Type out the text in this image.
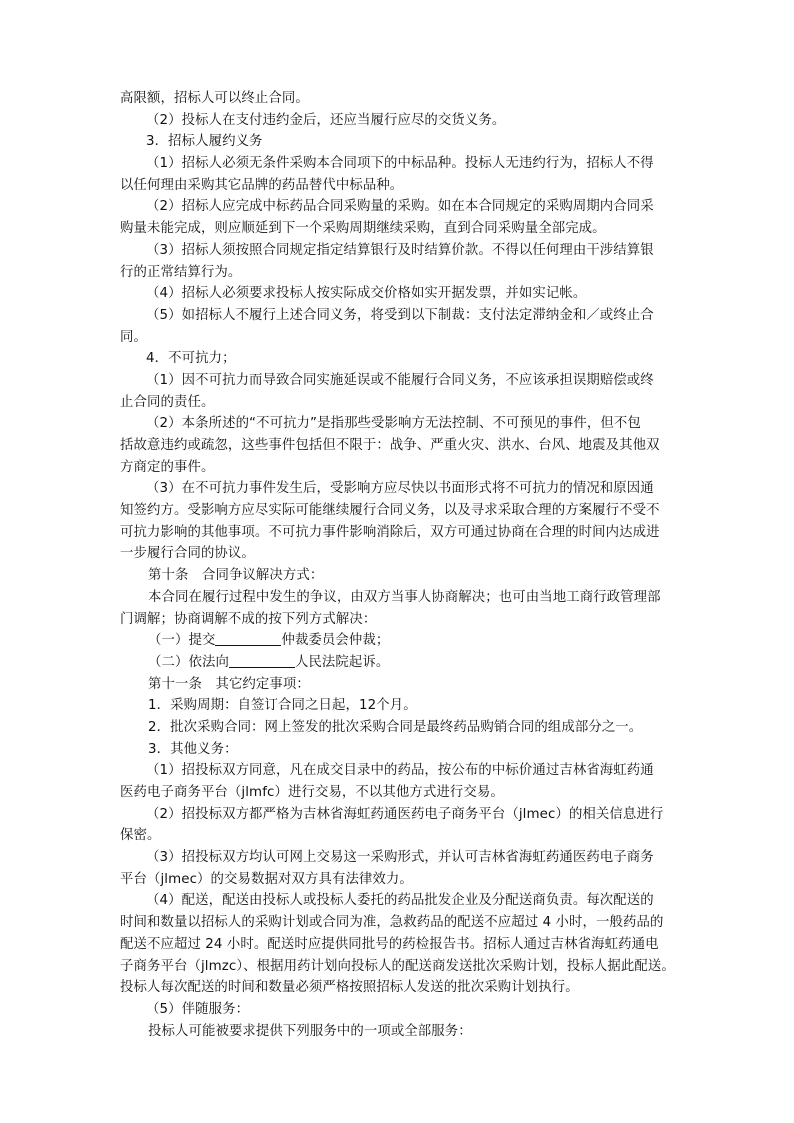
高限额，招标人可以终止合同。
（2）投标人在支付违约金后，还应当履行应尽的交货义务。
3．招标人履约义务
（1）招标人必须无条件采购本合同项下的中标品种。投标人无违约行为，招标人不得
以任何理由采购其它品牌的药品替代中标品种。
（2）招标人应完成中标药品合同采购量的采购。如在本合同规定的采购周期内合同采
购量未能完成，则应顺延到下一个采购周期继续采购，直到合同采购量全部完成。
（3）招标人须按照合同规定指定结算银行及时结算价款。不得以任何理由干涉结算银
行的正常结算行为。
（4）招标人必须要求投标人按实际成交价格如实开据发票，并如实记帐。
（5）如招标人不履行上述合同义务，将受到以下制裁：支付法定滞纳金和／或终止合
同。
4．不可抗力；
（1）因不可抗力而导致合同实施延误或不能履行合同义务，不应该承担误期赔偿或终
止合同的责任。
（2）本条所述的“不可抗力”是指那些受影响方无法控制、不可预见的事件，但不包
括故意违约或疏忽，这些事件包括但不限于：战争、严重火灾、洪水、台风、地震及其他双
方商定的事件。
（3）在不可抗力事件发生后，受影响方应尽快以书面形式将不可抗力的情况和原因通
知签约方。受影响方应尽实际可能继续履行合同义务，以及寻求采取合理的方案履行不受不
可抗力影响的其他事项。不可抗力事件影响消除后，双方可通过协商在合理的时间内达成进
一步履行合同的协议。
第十条　合同争议解决方式：
本合同在履行过程中发生的争议，由双方当事人协商解决；也可由当地工商行政管理部
门调解；协商调解不成的按下列方式解决：
（一）提交	仲裁委员会仲裁；
（二）依法向	人民法院起诉。
第十一条　其它约定事项：
1．采购周期：自签订合同之日起，12个月。
2．批次采购合同：网上签发的批次采购合同是最终药品购销合同的组成部分之一。
3．其他义务：
（1）招投标双方同意，凡在成交目录中的药品，按公布的中标价通过吉林省海虹药通
医药电子商务平台（jlmfc）进行交易，不以其他方式进行交易。
（2）招投标双方都严格为吉林省海虹药通医药电子商务平台（jlmec）的相关信息进行
保密。
（3）招投标双方均认可网上交易这一采购形式，并认可吉林省海虹药通医药电子商务
平台（jlmec）的交易数据对双方具有法律效力。
（4）配送，配送由投标人或投标人委托的药品批发企业及分配送商负责。每次配送的
时间和数量以招标人的采购计划或合同为准，急救药品的配送不应超过 4 小时，一般药品的
配送不应超过 24 小时。配送时应提供同批号的药检报告书。招标人通过吉林省海虹药通电
子商务平台（jlmzc）、根据用药计划向投标人的配送商发送批次采购计划，投标人据此配送。
投标人每次配送的时间和数量必须严格按照招标人发送的批次采购计划执行。
（5）伴随服务：
投标人可能被要求提供下列服务中的一项或全部服务：
